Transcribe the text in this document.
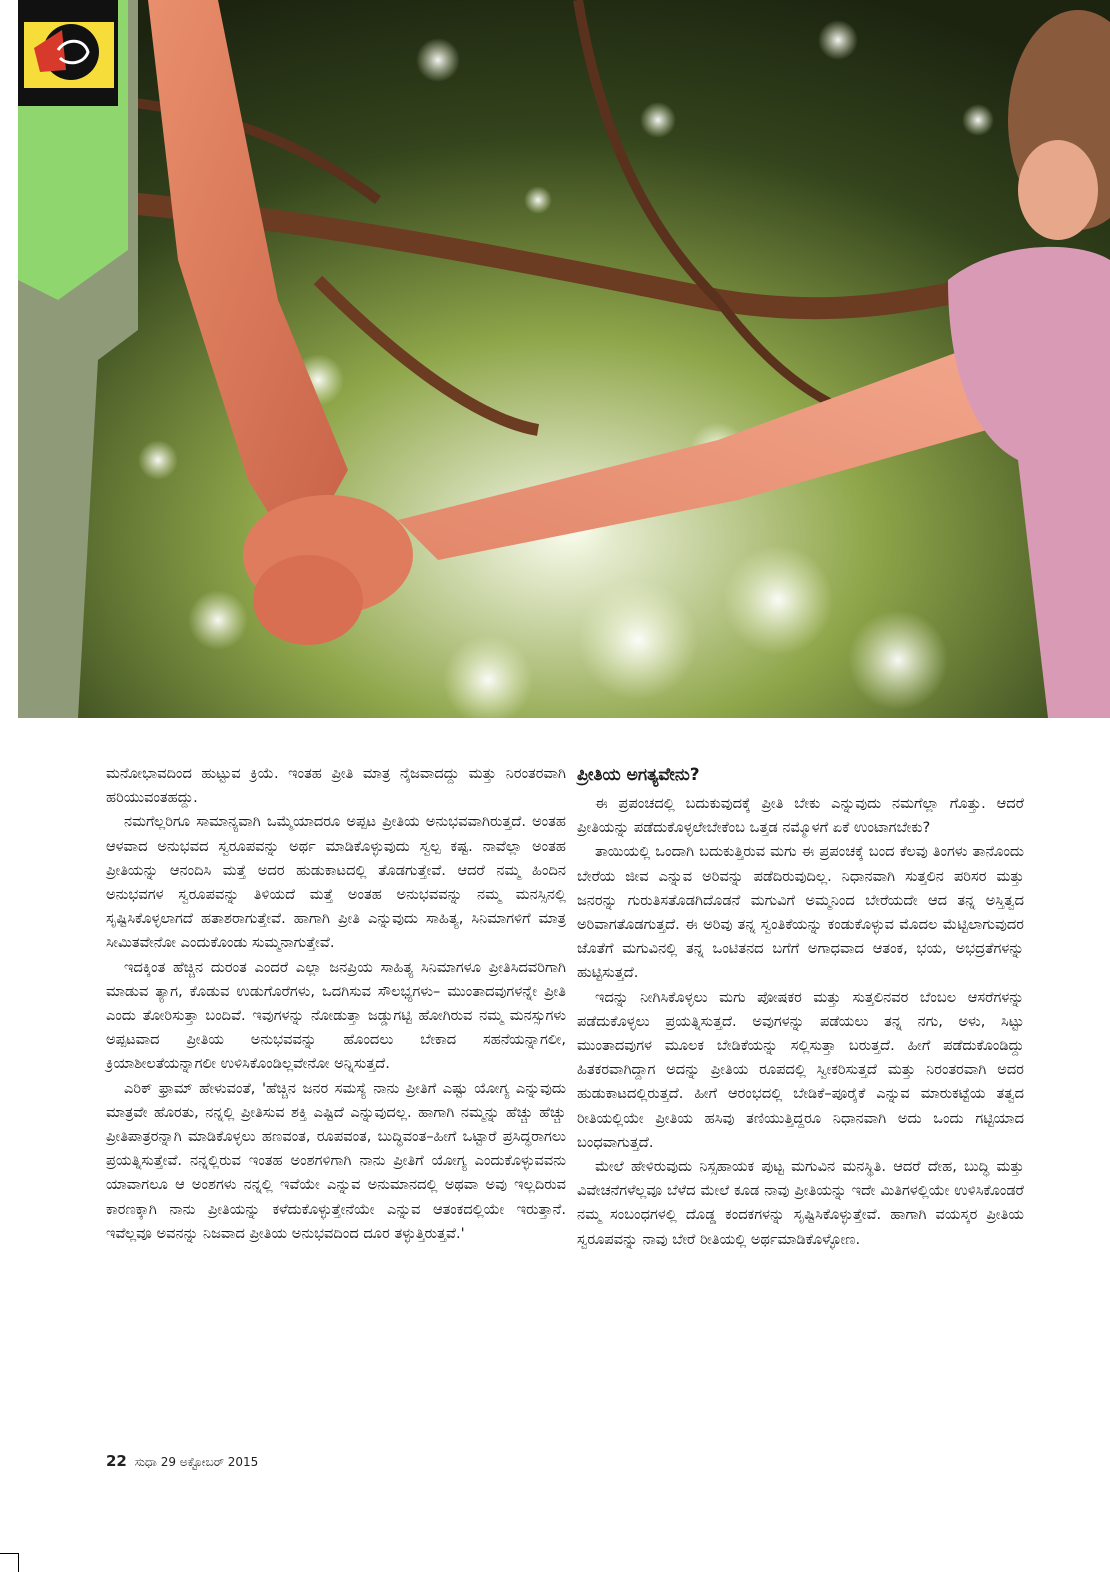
ಮನೋಭಾವದಿಂದ ಹುಟ್ಟುವ ಕ್ರಿಯೆ. ಇಂತಹ ಪ್ರೀತಿ ಮಾತ್ರ ನೈಜವಾದದ್ದು ಮತ್ತು ನಿರಂತರವಾಗಿ ಹರಿಯುವಂತಹದ್ದು.

ನಮಗೆಲ್ಲರಿಗೂ ಸಾಮಾನ್ಯವಾಗಿ ಒಮ್ಮೆಯಾದರೂ ಅಪ್ಪಟ ಪ್ರೀತಿಯ ಅನುಭವವಾಗಿರುತ್ತದೆ. ಅಂತಹ ಆಳವಾದ ಅನುಭವದ ಸ್ವರೂಪವನ್ನು ಅರ್ಥ ಮಾಡಿಕೊಳ್ಳುವುದು ಸ್ವಲ್ಪ ಕಷ್ಟ. ನಾವೆಲ್ಲಾ ಅಂತಹ ಪ್ರೀತಿಯನ್ನು ಆನಂದಿಸಿ ಮತ್ತೆ ಅದರ ಹುಡುಕಾಟದಲ್ಲಿ ತೊಡಗುತ್ತೇವೆ. ಆದರೆ ನಮ್ಮ ಹಿಂದಿನ ಅನುಭವಗಳ ಸ್ವರೂಪವನ್ನು ತಿಳಿಯದೆ ಮತ್ತೆ ಅಂತಹ ಅನುಭವವನ್ನು ನಮ್ಮ ಮನಸ್ಸಿನಲ್ಲಿ ಸೃಷ್ಟಿಸಿಕೊಳ್ಳಲಾಗದೆ ಹತಾಶರಾಗುತ್ತೇವೆ. ಹಾಗಾಗಿ ಪ್ರೀತಿ ಎನ್ನುವುದು ಸಾಹಿತ್ಯ, ಸಿನಿಮಾಗಳಿಗೆ ಮಾತ್ರ ಸೀಮಿತವೇನೋ ಎಂದುಕೊಂಡು ಸುಮ್ಮನಾಗುತ್ತೇವೆ.

ಇದಕ್ಕಿಂತ ಹೆಚ್ಚಿನ ದುರಂತ ಎಂದರೆ ಎಲ್ಲಾ ಜನಪ್ರಿಯ ಸಾಹಿತ್ಯ ಸಿನಿಮಾಗಳೂ ಪ್ರೀತಿಸಿದವರಿಗಾಗಿ ಮಾಡುವ ತ್ಯಾಗ, ಕೊಡುವ ಉಡುಗೊರೆಗಳು, ಒದಗಿಸುವ ಸೌಲಭ್ಯಗಳು– ಮುಂತಾದವುಗಳನ್ನೇ ಪ್ರೀತಿ ಎಂದು ತೋರಿಸುತ್ತಾ ಬಂದಿವೆ. ಇವುಗಳನ್ನು ನೋಡುತ್ತಾ ಜಡ್ಡುಗಟ್ಟಿ ಹೋಗಿರುವ ನಮ್ಮ ಮನಸ್ಸುಗಳು ಅಪ್ಪಟವಾದ ಪ್ರೀತಿಯ ಅನುಭವವನ್ನು ಹೊಂದಲು ಬೇಕಾದ ಸಹನೆಯನ್ನಾಗಲೀ, ಕ್ರಿಯಾಶೀಲತೆಯನ್ನಾಗಲೀ ಉಳಿಸಿಕೊಂಡಿಲ್ಲವೇನೋ ಅನ್ನಿಸುತ್ತದೆ.

ಎರಿಕ್ ಫ್ರಾಮ್ ಹೇಳುವಂತೆ, 'ಹೆಚ್ಚಿನ ಜನರ ಸಮಸ್ಯೆ ನಾನು ಪ್ರೀತಿಗೆ ಎಷ್ಟು ಯೋಗ್ಯ ಎನ್ನುವುದು ಮಾತ್ರವೇ ಹೊರತು, ನನ್ನಲ್ಲಿ ಪ್ರೀತಿಸುವ ಶಕ್ತಿ ಎಷ್ಟಿದೆ ಎನ್ನುವುದಲ್ಲ. ಹಾಗಾಗಿ ನಮ್ಮನ್ನು ಹೆಚ್ಚು ಹೆಚ್ಚು ಪ್ರೀತಿಪಾತ್ರರನ್ನಾಗಿ ಮಾಡಿಕೊಳ್ಳಲು ಹಣವಂತ, ರೂಪವಂತ, ಬುದ್ಧಿವಂತ–ಹೀಗೆ ಒಟ್ಟಾರೆ ಪ್ರಸಿದ್ಧರಾಗಲು ಪ್ರಯತ್ನಿಸುತ್ತೇವೆ. ನನ್ನಲ್ಲಿರುವ ಇಂತಹ ಅಂಶಗಳಿಗಾಗಿ ನಾನು ಪ್ರೀತಿಗೆ ಯೋಗ್ಯ ಎಂದುಕೊಳ್ಳುವವನು ಯಾವಾಗಲೂ ಆ ಅಂಶಗಳು ನನ್ನಲ್ಲಿ ಇವೆಯೇ ಎನ್ನುವ ಅನುಮಾನದಲ್ಲಿ ಅಥವಾ ಅವು ಇಲ್ಲದಿರುವ ಕಾರಣಕ್ಕಾಗಿ ನಾನು ಪ್ರೀತಿಯನ್ನು ಕಳೆದುಕೊಳ್ಳುತ್ತೇನೆಯೇ ಎನ್ನುವ ಆತಂಕದಲ್ಲಿಯೇ ಇರುತ್ತಾನೆ. ಇವೆಲ್ಲವೂ ಅವನನ್ನು ನಿಜವಾದ ಪ್ರೀತಿಯ ಅನುಭವದಿಂದ ದೂರ ತಳ್ಳುತ್ತಿರುತ್ತವೆ.'

ಪ್ರೀತಿಯ ಅಗತ್ಯವೇನು?

ಈ ಪ್ರಪಂಚದಲ್ಲಿ ಬದುಕುವುದಕ್ಕೆ ಪ್ರೀತಿ ಬೇಕು ಎನ್ನುವುದು ನಮಗೆಲ್ಲಾ ಗೊತ್ತು. ಆದರೆ ಪ್ರೀತಿಯನ್ನು ಪಡೆದುಕೊಳ್ಳಲೇಬೇಕೆಂಬ ಒತ್ತಡ ನಮ್ಮೊಳಗೆ ಏಕೆ ಉಂಟಾಗಬೇಕು?

ತಾಯಿಯಲ್ಲಿ ಒಂದಾಗಿ ಬದುಕುತ್ತಿರುವ ಮಗು ಈ ಪ್ರಪಂಚಕ್ಕೆ ಬಂದ ಕೆಲವು ತಿಂಗಳು ತಾನೊಂದು ಬೇರೆಯ ಜೀವ ಎನ್ನುವ ಅರಿವನ್ನು ಪಡೆದಿರುವುದಿಲ್ಲ. ನಿಧಾನವಾಗಿ ಸುತ್ತಲಿನ ಪರಿಸರ ಮತ್ತು ಜನರನ್ನು ಗುರುತಿಸತೊಡಗಿದೊಡನೆ ಮಗುವಿಗೆ ಅಮ್ಮನಿಂದ ಬೇರೆಯದೇ ಆದ ತನ್ನ ಅಸ್ತಿತ್ವದ ಅರಿವಾಗತೊಡಗುತ್ತದೆ. ಈ ಅರಿವು ತನ್ನ ಸ್ವಂತಿಕೆಯನ್ನು ಕಂಡುಕೊಳ್ಳುವ ಮೊದಲ ಮೆಟ್ಟಿಲಾಗುವುದರ ಜೊತೆಗೆ ಮಗುವಿನಲ್ಲಿ ತನ್ನ ಒಂಟಿತನದ ಬಗೆಗೆ ಅಗಾಧವಾದ ಆತಂಕ, ಭಯ, ಅಭದ್ರತೆಗಳನ್ನು ಹುಟ್ಟಿಸುತ್ತದೆ.

ಇದನ್ನು ನೀಗಿಸಿಕೊಳ್ಳಲು ಮಗು ಪೋಷಕರ ಮತ್ತು ಸುತ್ತಲಿನವರ ಬೆಂಬಲ ಆಸರೆಗಳನ್ನು ಪಡೆದುಕೊಳ್ಳಲು ಪ್ರಯತ್ನಿಸುತ್ತದೆ. ಅವುಗಳನ್ನು ಪಡೆಯಲು ತನ್ನ ನಗು, ಅಳು, ಸಿಟ್ಟು ಮುಂತಾದವುಗಳ ಮೂಲಕ ಬೇಡಿಕೆಯನ್ನು ಸಲ್ಲಿಸುತ್ತಾ ಬರುತ್ತದೆ. ಹೀಗೆ ಪಡೆದುಕೊಂಡಿದ್ದು ಹಿತಕರವಾಗಿದ್ದಾಗ ಅದನ್ನು ಪ್ರೀತಿಯ ರೂಪದಲ್ಲಿ ಸ್ವೀಕರಿಸುತ್ತದೆ ಮತ್ತು ನಿರಂತರವಾಗಿ ಅದರ ಹುಡುಕಾಟದಲ್ಲಿರುತ್ತದೆ. ಹೀಗೆ ಆರಂಭದಲ್ಲಿ ಬೇಡಿಕೆ–ಪೂರೈಕೆ ಎನ್ನುವ ಮಾರುಕಟ್ಟೆಯ ತತ್ವದ ರೀತಿಯಲ್ಲಿಯೇ ಪ್ರೀತಿಯ ಹಸಿವು ತಣಿಯುತ್ತಿದ್ದರೂ ನಿಧಾನವಾಗಿ ಅದು ಒಂದು ಗಟ್ಟಿಯಾದ ಬಂಧವಾಗುತ್ತದೆ.

ಮೇಲೆ ಹೇಳಿರುವುದು ನಿಸ್ಸಹಾಯಕ ಪುಟ್ಟ ಮಗುವಿನ ಮನಸ್ಥಿತಿ. ಆದರೆ ದೇಹ, ಬುದ್ಧಿ ಮತ್ತು ವಿವೇಚನೆಗಳೆಲ್ಲವೂ ಬೆಳೆದ ಮೇಲೆ ಕೂಡ ನಾವು ಪ್ರೀತಿಯನ್ನು ಇದೇ ಮಿತಿಗಳಲ್ಲಿಯೇ ಉಳಿಸಿಕೊಂಡರೆ ನಮ್ಮ ಸಂಬಂಧಗಳಲ್ಲಿ ದೊಡ್ಡ ಕಂದಕಗಳನ್ನು ಸೃಷ್ಟಿಸಿಕೊಳ್ಳುತ್ತೇವೆ. ಹಾಗಾಗಿ ವಯಸ್ಕರ ಪ್ರೀತಿಯ ಸ್ವರೂಪವನ್ನು ನಾವು ಬೇರೆ ರೀತಿಯಲ್ಲಿ ಅರ್ಥಮಾಡಿಕೊಳ್ಳೋಣ.

22 ಸುಧಾ 29 ಅಕ್ಟೋಬರ್ 2015
